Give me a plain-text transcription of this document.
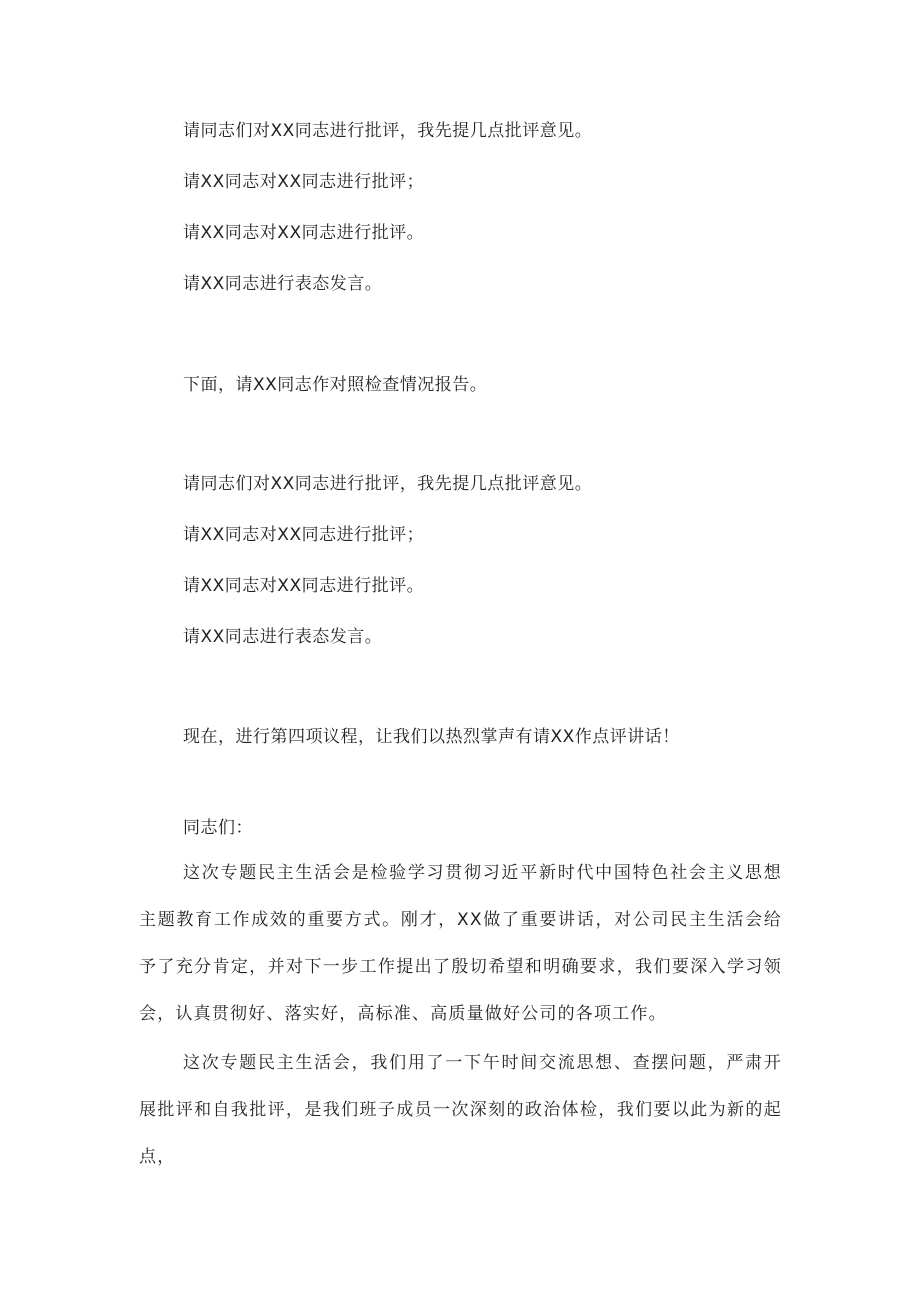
请同志们对XX同志进行批评，我先提几点批评意见。
请XX同志对XX同志进行批评；
请XX同志对XX同志进行批评。
请XX同志进行表态发言。
下面，请XX同志作对照检查情况报告。
请同志们对XX同志进行批评，我先提几点批评意见。
请XX同志对XX同志进行批评；
请XX同志对XX同志进行批评。
请XX同志进行表态发言。
现在，进行第四项议程，让我们以热烈掌声有请XX作点评讲话！
同志们：

这次专题民主生活会是检验学习贯彻习近平新时代中国特色社会主义思想主题教育工作成效的重要方式。刚才，XX做了重要讲话，对公司民主生活会给予了充分肯定，并对下一步工作提出了殷切希望和明确要求，我们要深入学习领会，认真贯彻好、落实好，高标准、高质量做好公司的各项工作。

这次专题民主生活会，我们用了一下午时间交流思想、查摆问题，严肃开展批评和自我批评，是我们班子成员一次深刻的政治体检，我们要以此为新的起点，
